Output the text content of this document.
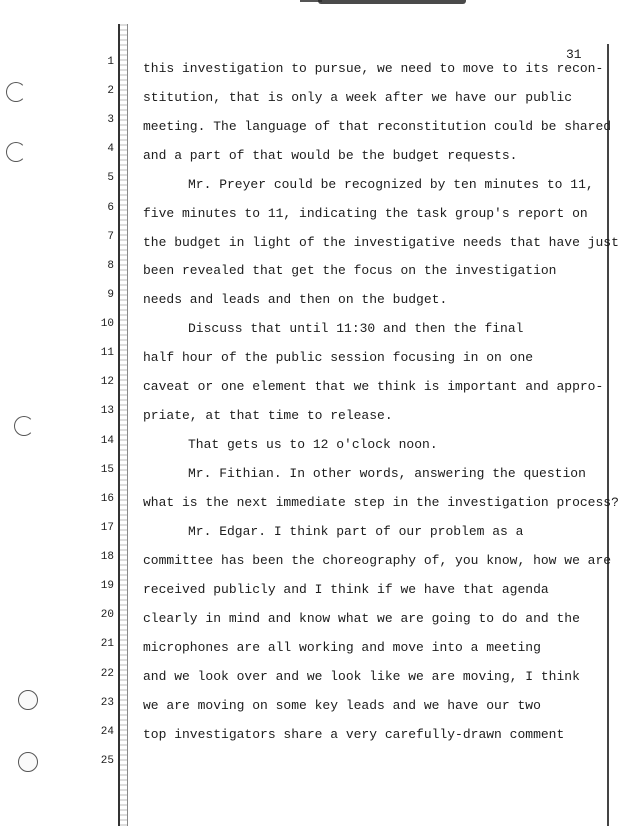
31
1
2
3
4
5
6
7
8
9
10
11
12
13
14
15
16
17
18
19
20
21
22
23
24
25
this investigation to pursue, we need to move to its recon-
stitution, that is only a week after we have our public
meeting. The language of that reconstitution could be shared
and a part of that would be the budget requests.
Mr. Preyer could be recognized by ten minutes to 11,
five minutes to 11, indicating the task group's report on
the budget in light of the investigative needs that have just
been revealed that get the focus on the investigation
needs and leads and then on the budget.
Discuss that until 11:30 and then the final
half hour of the public session focusing in on one
caveat or one element that we think is important and appro-
priate, at that time to release.
That gets us to 12 o'clock noon.
Mr. Fithian. In other words, answering the question
what is the next immediate step in the investigation process?
Mr. Edgar. I think part of our problem as a
committee has been the choreography of, you know, how we are
received publicly and I think if we have that agenda
clearly in mind and know what we are going to do and the
microphones are all working and move into a meeting
and we look over and we look like we are moving, I think
we are moving on some key leads and we have our two
top investigators share a very carefully-drawn comment
